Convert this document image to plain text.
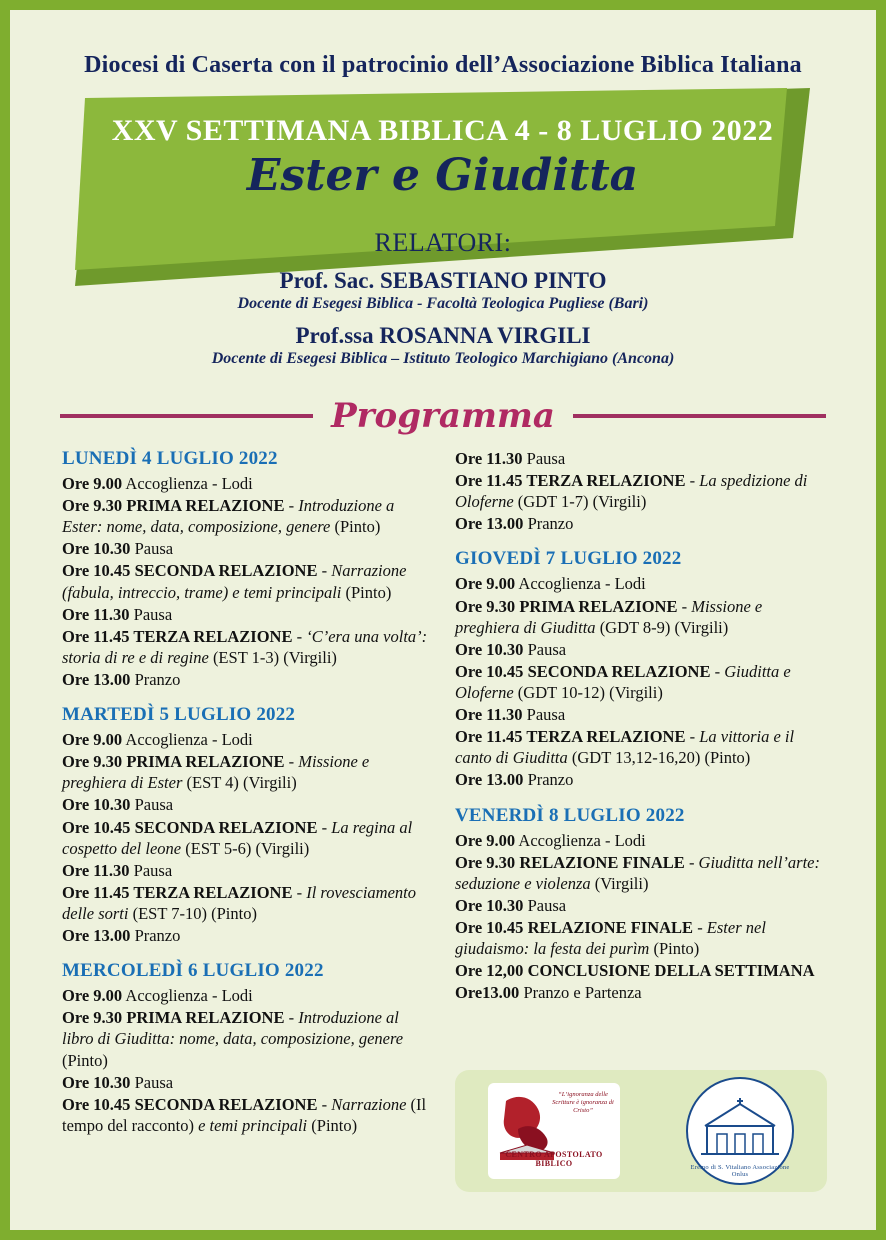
Diocesi di Caserta con il patrocinio dell’Associazione Biblica Italiana
XXV SETTIMANA BIBLICA 4 - 8 LUGLIO 2022
Ester e Giuditta
RELATORI:
Prof. Sac. SEBASTIANO PINTO
Docente di Esegesi Biblica - Facoltà Teologica Pugliese (Bari)
Prof.ssa ROSANNA VIRGILI
Docente di Esegesi Biblica – Istituto Teologico Marchigiano (Ancona)
Programma
LUNEDÌ 4 LUGLIO 2022
Ore 9.00 Accoglienza - Lodi
Ore 9.30 PRIMA RELAZIONE - Introduzione a Ester: nome, data, composizione, genere (Pinto)
Ore 10.30 Pausa
Ore 10.45 SECONDA RELAZIONE - Narrazione (fabula, intreccio, trame) e temi principali (Pinto)
Ore 11.30 Pausa
Ore 11.45 TERZA RELAZIONE - ‘C’era una volta’: storia di re e di regine (EST 1-3) (Virgili)
Ore 13.00 Pranzo
MARTEDÌ 5 LUGLIO 2022
Ore 9.00 Accoglienza - Lodi
Ore 9.30 PRIMA RELAZIONE - Missione e preghiera di Ester (EST 4) (Virgili)
Ore 10.30 Pausa
Ore 10.45 SECONDA RELAZIONE - La regina al cospetto del leone (EST 5-6) (Virgili)
Ore 11.30 Pausa
Ore 11.45 TERZA RELAZIONE - Il rovesciamento delle sorti (EST 7-10) (Pinto)
Ore 13.00 Pranzo
MERCOLEDÌ 6 LUGLIO 2022
Ore 9.00 Accoglienza - Lodi
Ore 9.30 PRIMA RELAZIONE - Introduzione al libro di Giuditta: nome, data, composizione, genere (Pinto)
Ore 10.30 Pausa
Ore 10.45 SECONDA RELAZIONE - Narrazione (Il tempo del racconto) e temi principali (Pinto)
Ore 11.30 Pausa
Ore 11.45 TERZA RELAZIONE - La spedizione di Oloferne (GDT 1-7) (Virgili)
Ore 13.00 Pranzo
GIOVEDÌ 7 LUGLIO 2022
Ore 9.00 Accoglienza - Lodi
Ore 9.30 PRIMA RELAZIONE - Missione e preghiera di Giuditta (GDT 8-9) (Virgili)
Ore 10.30 Pausa
Ore 10.45 SECONDA RELAZIONE - Giuditta e Oloferne (GDT 10-12) (Virgili)
Ore 11.30 Pausa
Ore 11.45 TERZA RELAZIONE - La vittoria e il canto di Giuditta (GDT 13,12-16,20) (Pinto)
Ore 13.00 Pranzo
VENERDÌ 8 LUGLIO 2022
Ore 9.00 Accoglienza - Lodi
Ore 9.30 RELAZIONE FINALE - Giuditta nell’arte: seduzione e violenza (Virgili)
Ore 10.30 Pausa
Ore 10.45 RELAZIONE FINALE - Ester nel giudaismo: la festa dei purìm (Pinto)
Ore 12,00 CONCLUSIONE DELLA SETTIMANA
Ore13.00 Pranzo e Partenza
“L’ignoranza delle Scritture è ignoranza di Cristo”
CENTRO APOSTOLATO BIBLICO	Eremo di S. Vitaliano Associazione Onlus
